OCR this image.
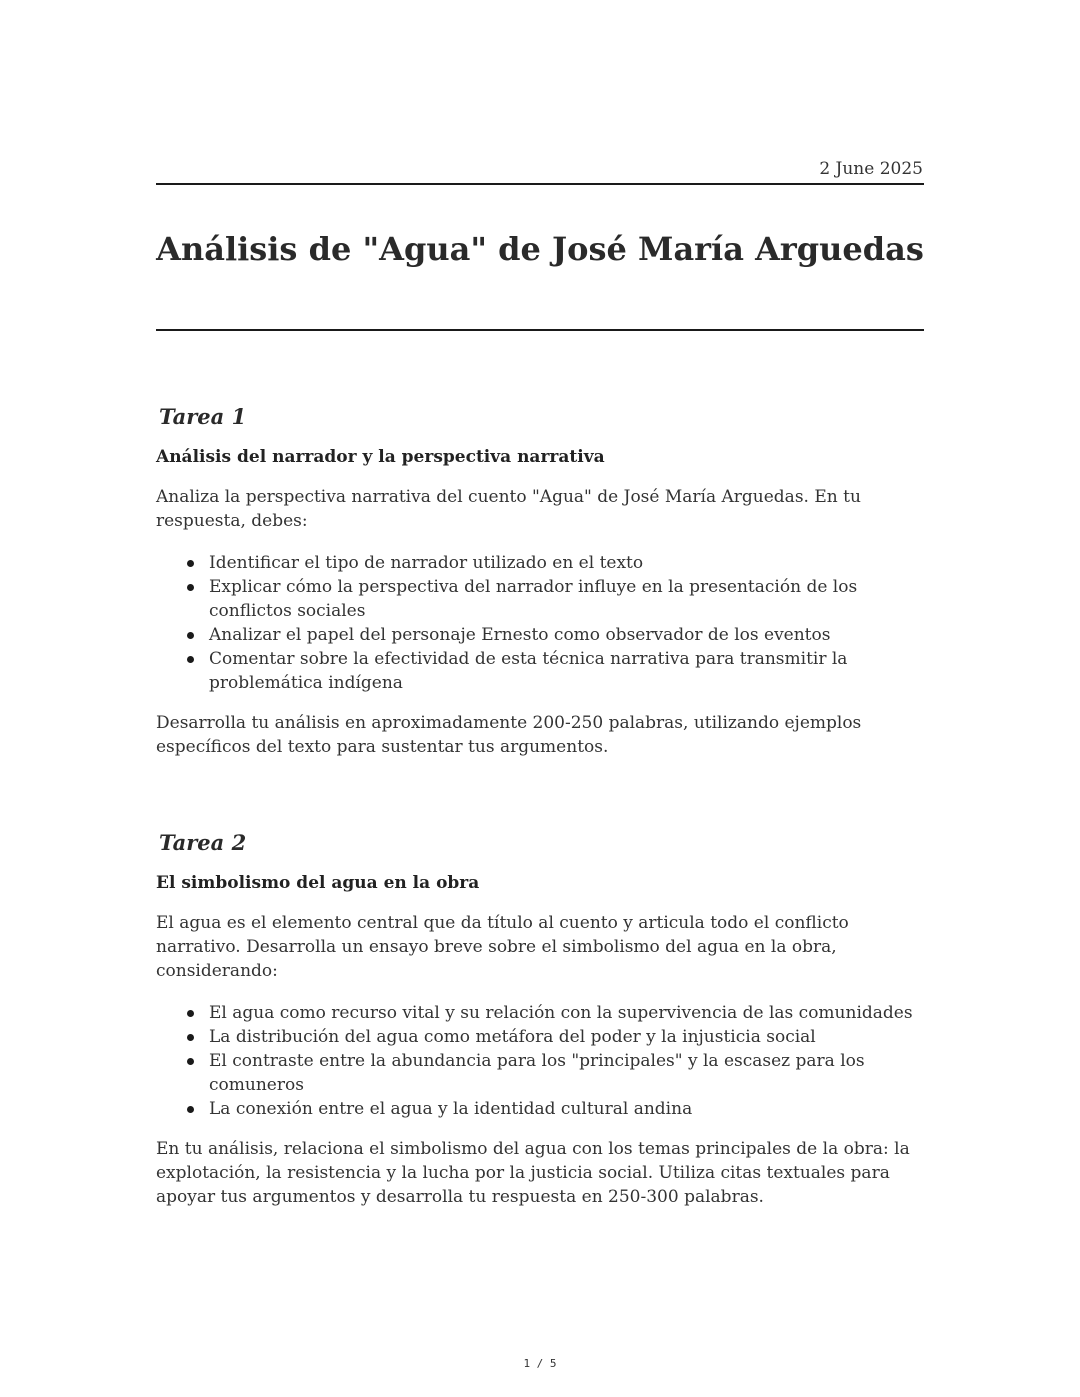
2 June 2025
Análisis de "Agua" de José María Arguedas
Tarea 1
Análisis del narrador y la perspectiva narrativa

Analiza la perspectiva narrativa del cuento "Agua" de José María Arguedas. En tu respuesta, debes:

Identificar el tipo de narrador utilizado en el texto
Explicar cómo la perspectiva del narrador influye en la presentación de los conflictos sociales
Analizar el papel del personaje Ernesto como observador de los eventos
Comentar sobre la efectividad de esta técnica narrativa para transmitir la problemática indígena

Desarrolla tu análisis en aproximadamente 200-250 palabras, utilizando ejemplos específicos del texto para sustentar tus argumentos.

Tarea 2
El simbolismo del agua en la obra

El agua es el elemento central que da título al cuento y articula todo el conflicto narrativo. Desarrolla un ensayo breve sobre el simbolismo del agua en la obra, considerando:

El agua como recurso vital y su relación con la supervivencia de las comunidades
La distribución del agua como metáfora del poder y la injusticia social
El contraste entre la abundancia para los "principales" y la escasez para los comuneros
La conexión entre el agua y la identidad cultural andina

En tu análisis, relaciona el simbolismo del agua con los temas principales de la obra: la explotación, la resistencia y la lucha por la justicia social. Utiliza citas textuales para apoyar tus argumentos y desarrolla tu respuesta en 250-300 palabras.

1 / 5
